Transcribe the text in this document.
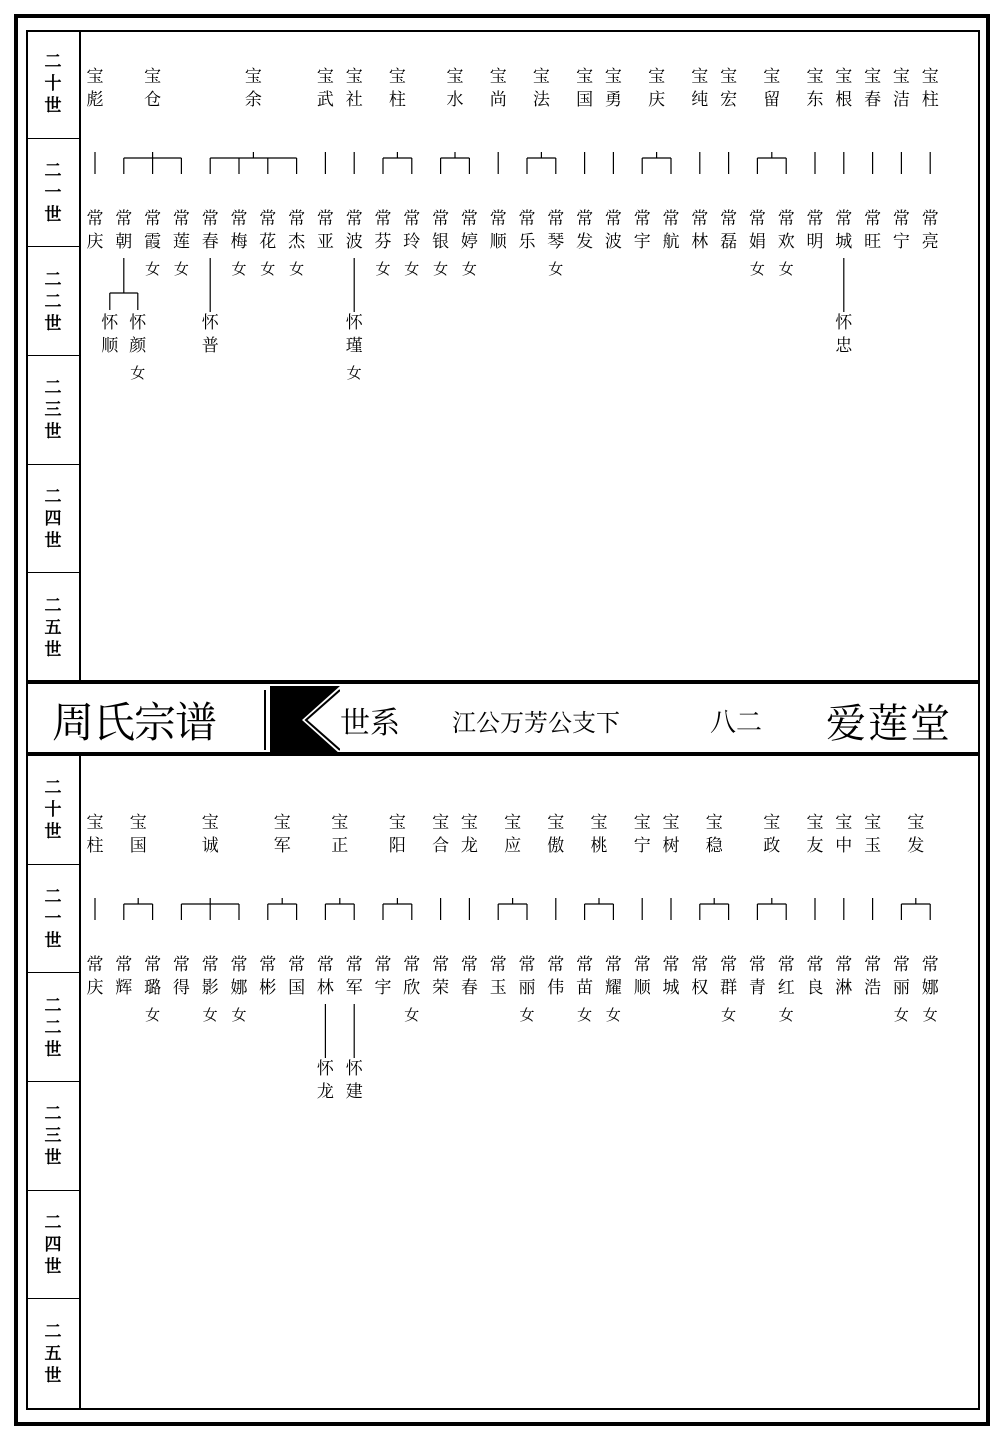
二
十
世
二
一
世
二
二
世
二
三
世
二
四
世
二
五
世
二
十
世
二
一
世
二
二
世
二
三
世
二
四
世
二
五
世
周氏宗谱	世系 江公万芳公支下	八二 爱莲堂
宝
彪
常
庆
宝
仓
常
朝
怀
顺
怀
颜
女
常
霞
女
常
莲
女
宝
余
常
春
怀
普
常
梅
女
常
花
女
常
杰
女
宝
武
常
亚
宝
社
常
波
怀
瑾
女
宝
柱
常
芬
女
常
玲
女
宝
水
常
银
女
常
婷
女
宝
尚
常
顺
宝
法
常
乐
常
琴
女
宝
国
常
发
宝
勇
常
波
宝
庆
常
宇
常
航
宝
纯
常
林
宝
宏
常
磊
宝
留
常
娟
女
常
欢
女
宝
东
常
明
宝
根
常
城
怀
忠
宝
春
常
旺
宝
洁
常
宁
宝
柱
常
亮
宝
柱
常
庆
宝
国
常
辉
常
璐
女
宝
诚
常
得
常
影
女
常
娜
女
宝
军
常
彬
常
国
宝
正
常
林
怀
龙
常
军
怀
建
宝
阳
常
宇
常
欣
女
宝
合
常
荣
宝
龙
常
春
宝
应
常
玉
常
丽
女
宝
傲
常
伟
宝
桃
常
苗
女
常
耀
女
宝
宁
常
顺
宝
树
常
城
宝
稳
常
权
常
群
女
宝
政
常
青
常
红
女
宝
友
常
良
宝
中
常
淋
宝
玉
常
浩
宝
发
常
丽
女
常
娜
女
